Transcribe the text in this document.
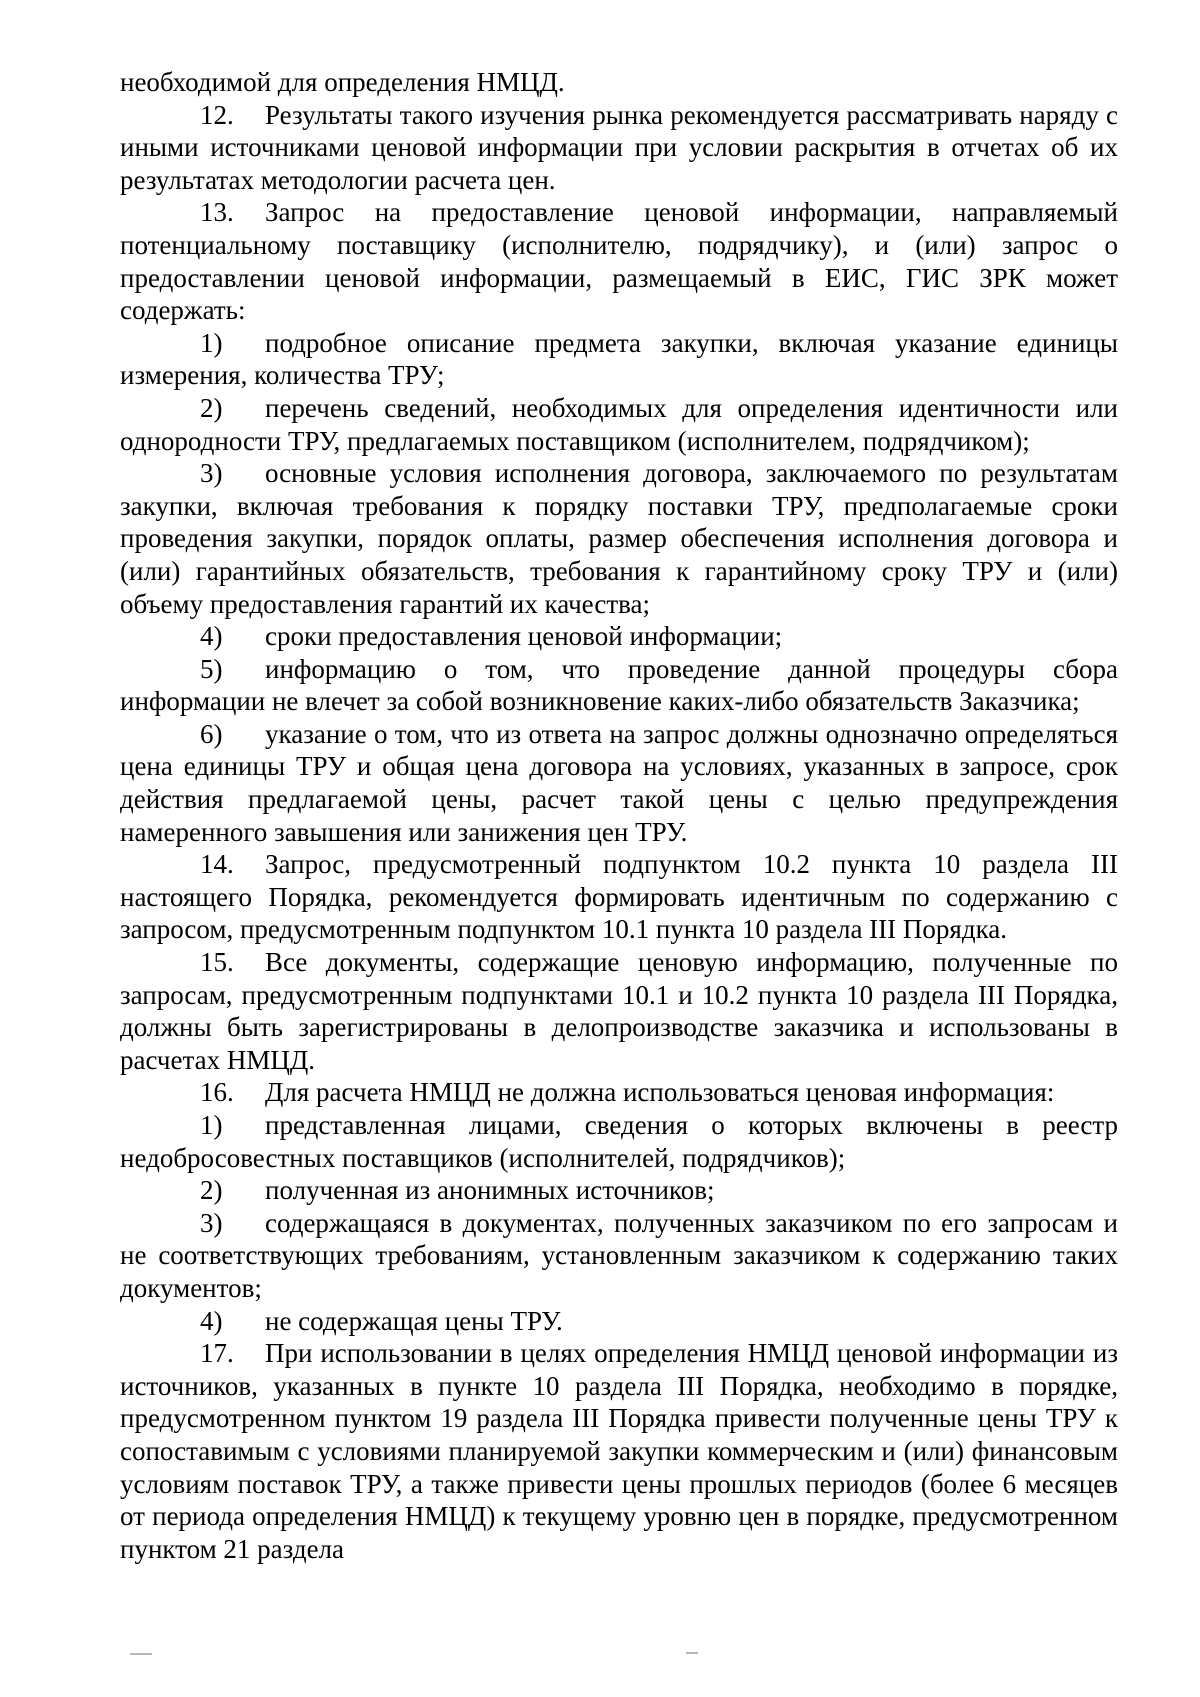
необходимой для определения НМЦД.

12. Результаты такого изучения рынка рекомендуется рассматривать наряду с иными источниками ценовой информации при условии раскрытия в отчетах об их результатах методологии расчета цен.

13. Запрос на предоставление ценовой информации, направляемый потенциальному поставщику (исполнителю, подрядчику), и (или) запрос о предоставлении ценовой информации, размещаемый в ЕИС, ГИС ЗРК может содержать:

1) подробное описание предмета закупки, включая указание единицы измерения, количества ТРУ;

2) перечень сведений, необходимых для определения идентичности или однородности ТРУ, предлагаемых поставщиком (исполнителем, подрядчиком);

3) основные условия исполнения договора, заключаемого по результатам закупки, включая требования к порядку поставки ТРУ, предполагаемые сроки проведения закупки, порядок оплаты, размер обеспечения исполнения договора и (или) гарантийных обязательств, требования к гарантийному сроку ТРУ и (или) объему предоставления гарантий их качества;

4) сроки предоставления ценовой информации;

5) информацию о том, что проведение данной процедуры сбора информации не влечет за собой возникновение каких-либо обязательств Заказчика;

6) указание о том, что из ответа на запрос должны однозначно определяться цена единицы ТРУ и общая цена договора на условиях, указанных в запросе, срок действия предлагаемой цены, расчет такой цены с целью предупреждения намеренного завышения или занижения цен ТРУ.

14. Запрос, предусмотренный подпунктом 10.2 пункта 10 раздела III настоящего Порядка, рекомендуется формировать идентичным по содержанию с запросом, предусмотренным подпунктом 10.1 пункта 10 раздела III Порядка.

15. Все документы, содержащие ценовую информацию, полученные по запросам, предусмотренным подпунктами 10.1 и 10.2 пункта 10 раздела III Порядка, должны быть зарегистрированы в делопроизводстве заказчика и использованы в расчетах НМЦД.

16. Для расчета НМЦД не должна использоваться ценовая информация:

1) представленная лицами, сведения о которых включены в реестр недобросовестных поставщиков (исполнителей, подрядчиков);

2) полученная из анонимных источников;

3) содержащаяся в документах, полученных заказчиком по его запросам и не соответствующих требованиям, установленным заказчиком к содержанию таких документов;

4) не содержащая цены ТРУ.

17. При использовании в целях определения НМЦД ценовой информации из источников, указанных в пункте 10 раздела III Порядка, необходимо в порядке, предусмотренном пунктом 19 раздела III Порядка привести полученные цены ТРУ к сопоставимым с условиями планируемой закупки коммерческим и (или) финансовым условиям поставок ТРУ, а также привести цены прошлых периодов (более 6 месяцев от периода определения НМЦД) к текущему уровню цен в порядке, предусмотренном пунктом 21 раздела
